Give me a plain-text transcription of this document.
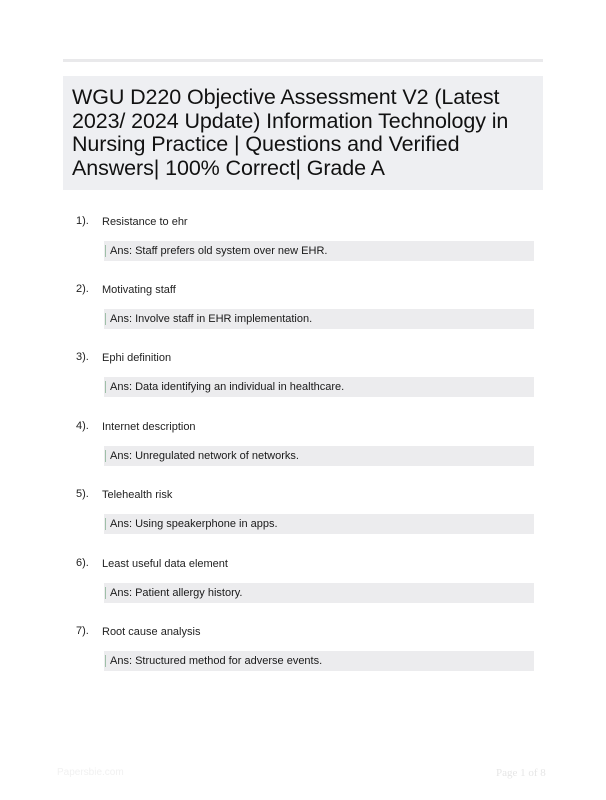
WGU D220 Objective Assessment V2 (Latest 2023/ 2024 Update) Information Technology in Nursing Practice | Questions and Verified Answers| 100% Correct| Grade A
1). Resistance to ehr
Ans: Staff prefers old system over new EHR.
2). Motivating staff
Ans: Involve staff in EHR implementation.
3). Ephi definition
Ans: Data identifying an individual in healthcare.
4). Internet description
Ans: Unregulated network of networks.
5). Telehealth risk
Ans: Using speakerphone in apps.
6). Least useful data element
Ans: Patient allergy history.
7). Root cause analysis
Ans: Structured method for adverse events.
Papersbie.com	Page 1 of 8
